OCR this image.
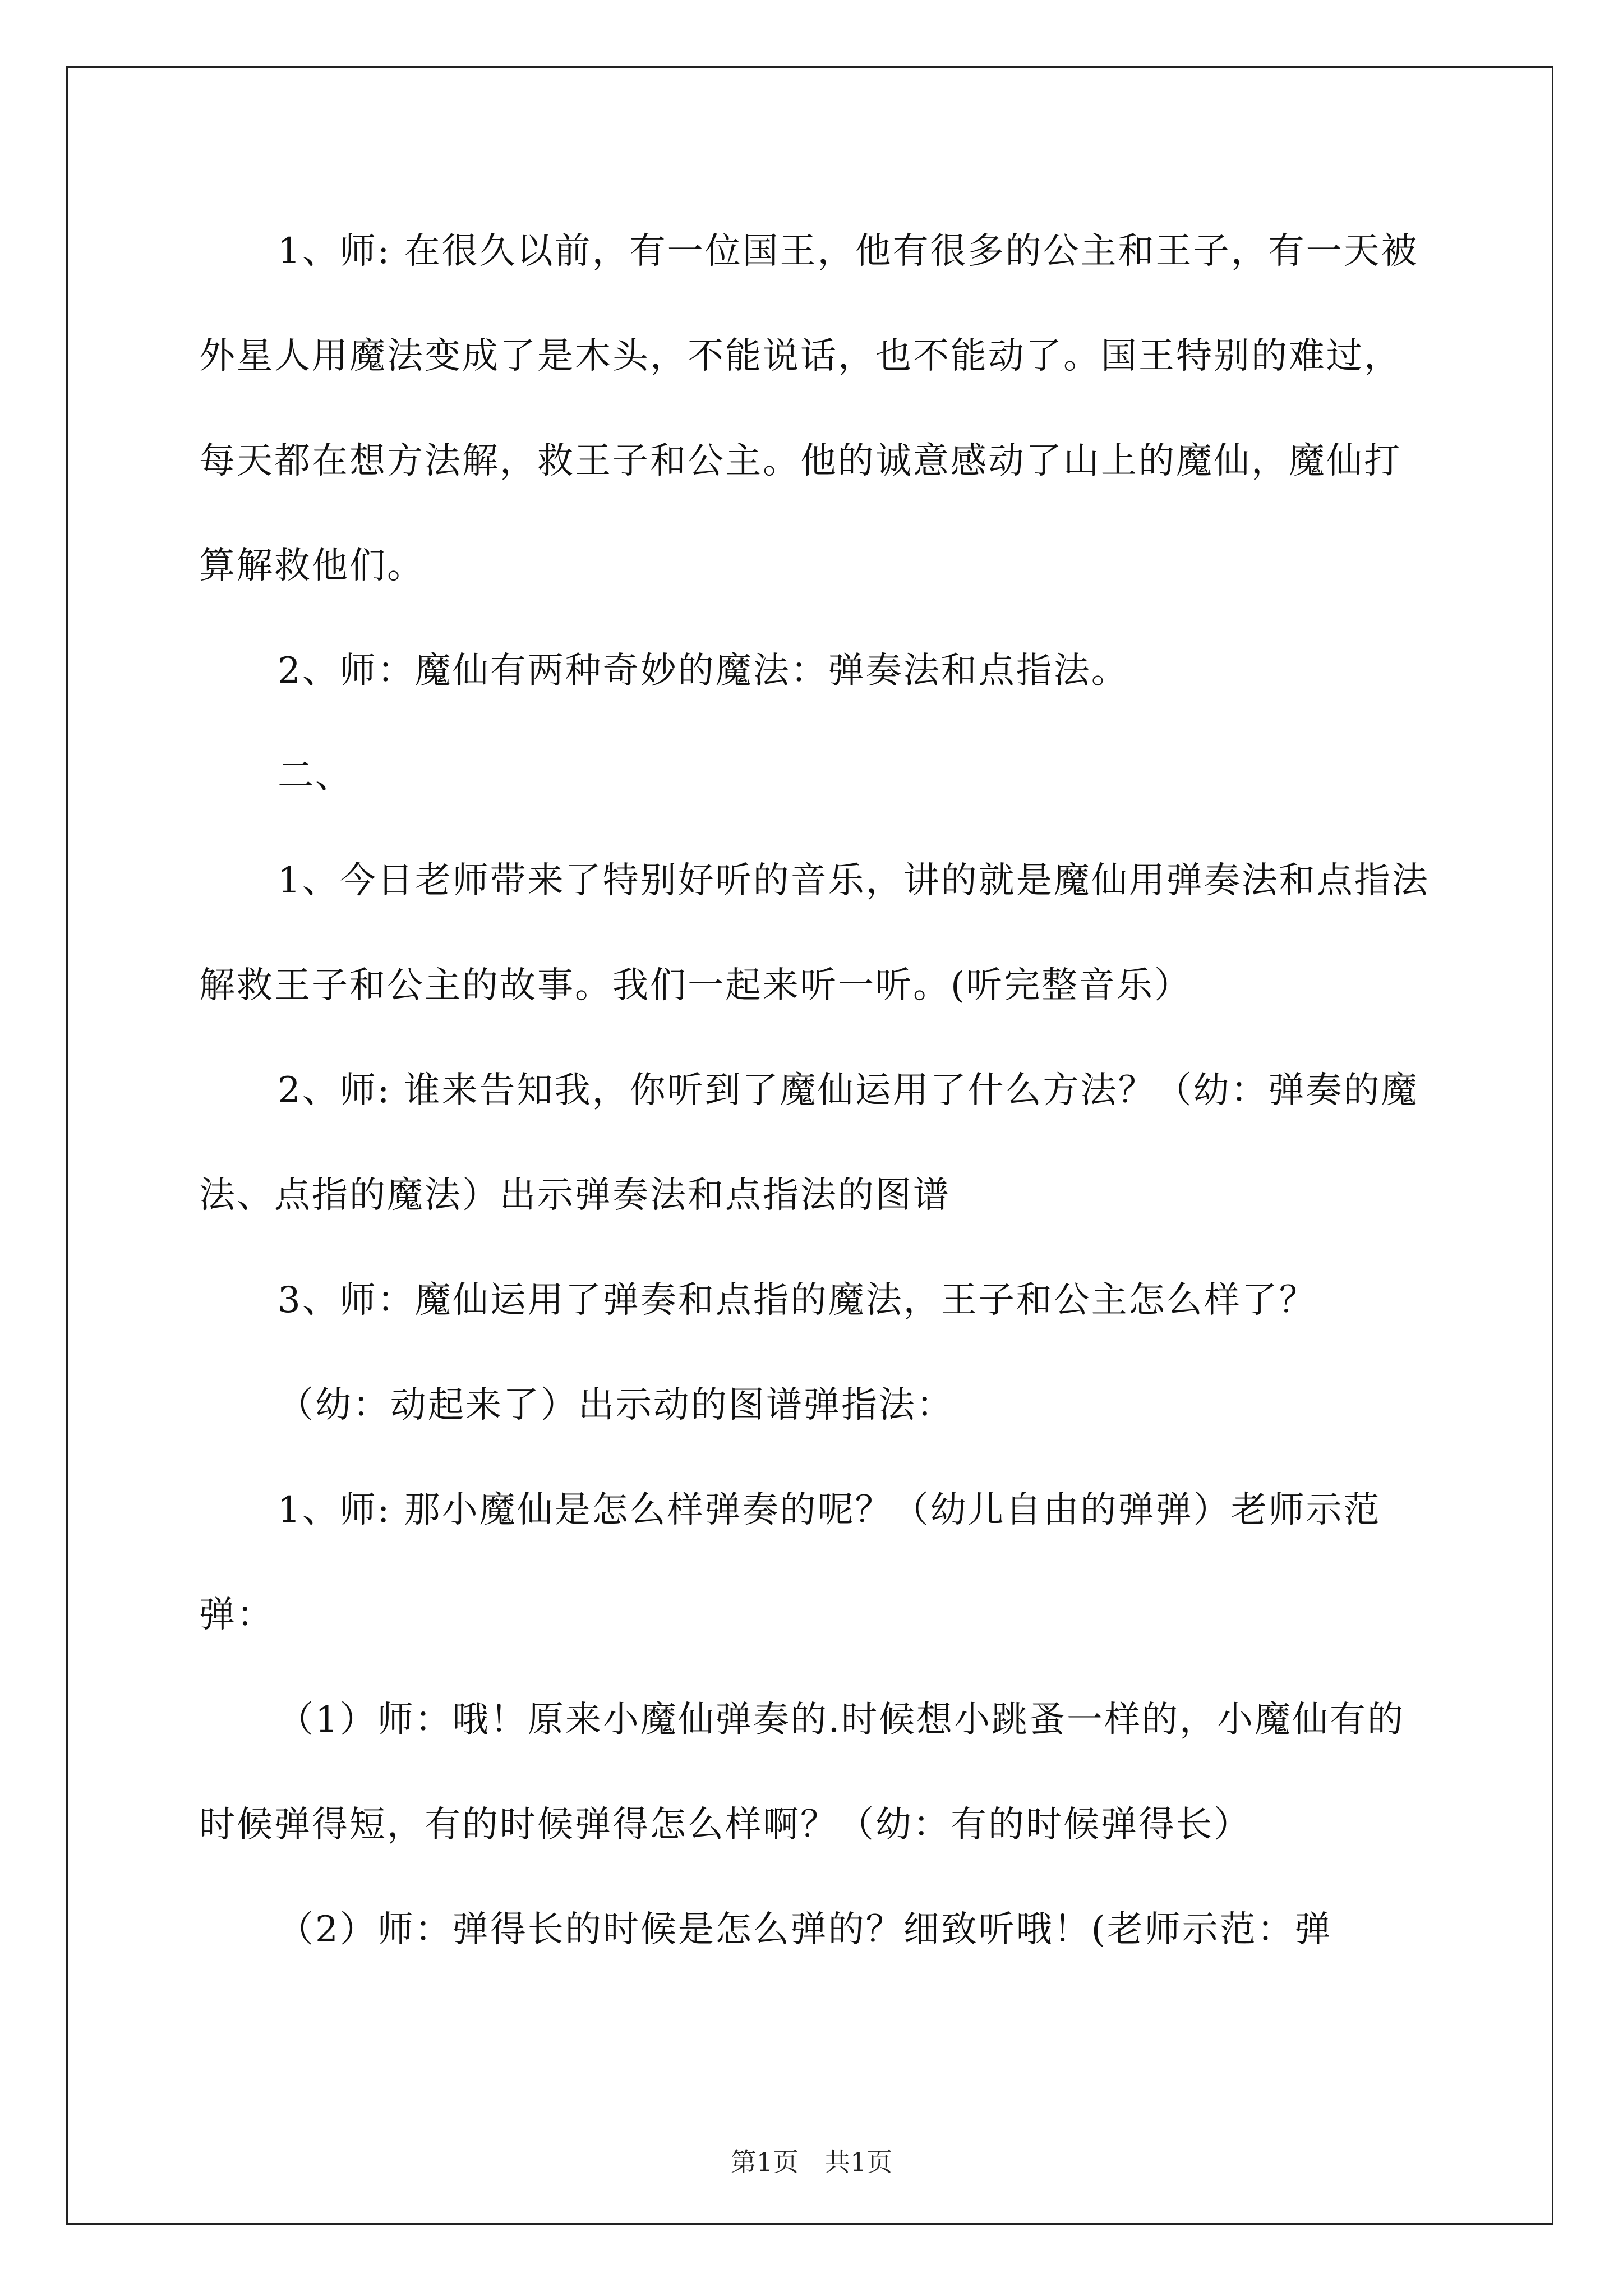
1、师: 在很久以前，有一位国王，他有很多的公主和王子，有一天被外星人用魔法变成了是木头，不能说话，也不能动了。国王特别的难过，每天都在想方法解，救王子和公主。他的诚意感动了山上的魔仙，魔仙打算解救他们。

2、师：魔仙有两种奇妙的魔法：弹奏法和点指法。

二、

1、今日老师带来了特别好听的音乐，讲的就是魔仙用弹奏法和点指法解救王子和公主的故事。我们一起来听一听。(听完整音乐）

2、师: 谁来告知我，你听到了魔仙运用了什么方法？（幼：弹奏的魔法、点指的魔法）出示弹奏法和点指法的图谱

3、师：魔仙运用了弹奏和点指的魔法，王子和公主怎么样了？

（幼：动起来了）出示动的图谱弹指法：

1、师: 那小魔仙是怎么样弹奏的呢？（幼儿自由的弹弹）老师示范弹：

（1）师：哦！原来小魔仙弹奏的.时候想小跳蚤一样的，小魔仙有的时候弹得短，有的时候弹得怎么样啊？（幼：有的时候弹得长）

（2）师：弹得长的时候是怎么弹的？细致听哦！(老师示范：弹

第1页　共1页
